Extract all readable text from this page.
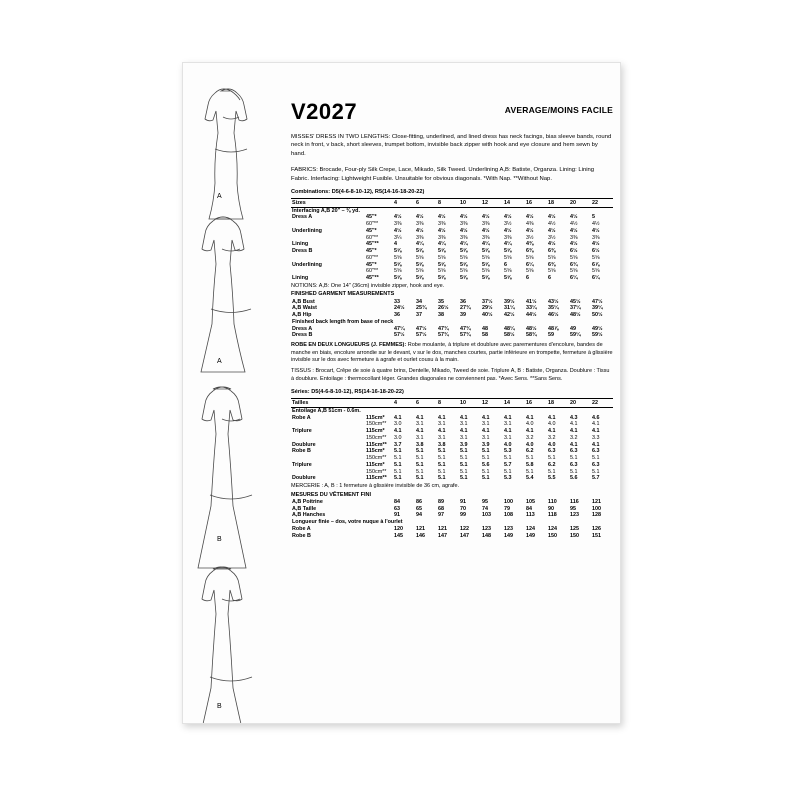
A
A
B
B
V2027	AVERAGE/MOINS FACILE
MISSES' DRESS IN TWO LENGTHS: Close-fitting, underlined, and lined dress has neck facings, bias sleeve bands, round neck in front, v back, short sleeves, trumpet bottom, invisible back zipper with hook and eye closure and hem sewn by hand.
FABRICS: Brocade, Four-ply Silk Crepe, Lace, Mikado, Silk Tweed. Underlining A,B: Batiste, Organza. Lining: Lining Fabric. Interfacing: Lightweight Fusible. Unsuitable for obvious diagonals. *With Nap. **Without Nap.
Combinations: D5(4-6-8-10-12), R5(14-16-18-20-22)
Sizes		4	6	8	10	12	14	16	18	20	22
Interfacing A,B 20" – ⅜ yd.											
Dress A	45"*	4½	4½	4½	4½	4½	4½	4½	4½	4½	5
	60"**	3⅜	3⅜	3⅜	3⅜	3⅜	3½	4⅜	4½	4½	4½
Underlining	45"*	4½	4½	4½	4½	4½	4½	4½	4½	4½	4½
	60"**	3¼	3⅜	3⅜	3⅜	3⅜	3⅜	3½	3½	3⅜	3⅜
Lining	45"**	4	4¼	4¼	4¼	4¼	4¼	4⅜	4½	4½	4½
Dress B	45"*	5⅝	5⅝	5⅝	5⅝	5⅝	5⅝	6⅜	6⅜	6½	6½
	60"**	5⅝	5⅝	5⅝	5⅝	5⅝	5⅝	5⅝	5⅝	5⅝	5⅝
Underlining	45"*	5⅝	5⅝	5⅝	5⅝	5⅝	6	6¼	6⅜	6¾	6⅞
	60"**	5⅝	5⅝	5⅝	5⅝	5⅝	5⅝	5⅝	5⅝	5⅝	5⅝
Lining	45"**	5⅝	5⅝	5⅝	5⅝	5⅝	5⅝	6	6	6¼	6¼
NOTIONS: A,B: One 14" (36cm) invisible zipper, hook and eye.
FINISHED GARMENT MEASUREMENTS
A,B Bust		33	34	35	36	37½	39½	41½	43½	45½	47½
A,B Waist		24½	25¾	26½	27¾	29½	31¼	33¼	35¼	37¼	39¼
A,B Hip		36	37	38	39	40½	42½	44½	46½	48½	50½
Finished back length from base of neck											
Dress A		47¼	47½	47¾	47¾	48	48¼	48½	48⅞	49	49½
Dress B		57½	57½	57¾	57¾	58	58½	58¾	59	59¼	59½
ROBE EN DEUX LONGUEURS (J. FEMMES): Robe moulante, à triplure et doublure avec parementures d'encolure, bandes de manche en biais, encolure arrondie sur le devant, v sur le dos, manches courtes, partie inférieure en trompette, fermeture à glissière invisible sur le dos avec fermeture à agrafe et ourlet cousu à la main.
TISSUS : Brocart, Crêpe de soie à quatre brins, Dentelle, Mikado, Tweed de soie. Triplure A, B : Batiste, Organza. Doublure : Tissu à doublure. Entoilage : thermocollant léger. Grandes diagonales ne conviennent pas. *Avec Sens. **Sans Sens.
Séries: D5(4-6-8-10-12), R5(14-16-18-20-22)
Tailles		4	6	8	10	12	14	16	18	20	22
Entoilage A,B 51cm - 0.6m.											
Robe A	115cm*	4.1	4.1	4.1	4.1	4.1	4.1	4.1	4.1	4.3	4.6
	150cm**	3.0	3.1	3.1	3.1	3.1	3.1	4.0	4.0	4.1	4.1
Triplure	115cm*	4.1	4.1	4.1	4.1	4.1	4.1	4.1	4.1	4.1	4.1
	150cm**	3.0	3.1	3.1	3.1	3.1	3.1	3.2	3.2	3.2	3.3
Doublure	115cm**	3.7	3.8	3.8	3.9	3.9	4.0	4.0	4.0	4.1	4.1
Robe B	115cm*	5.1	5.1	5.1	5.1	5.1	5.3	6.2	6.3	6.3	6.3
	150cm**	5.1	5.1	5.1	5.1	5.1	5.1	5.1	5.1	5.1	5.1
Triplure	115cm*	5.1	5.1	5.1	5.1	5.6	5.7	5.8	6.2	6.3	6.3
	150cm**	5.1	5.1	5.1	5.1	5.1	5.1	5.1	5.1	5.1	5.1
Doublure	115cm**	5.1	5.1	5.1	5.1	5.1	5.3	5.4	5.5	5.6	5.7
MERCERIE : A, B : 1 fermeture à glissière invisible de 36 cm, agrafe.
MESURES DU VÊTEMENT FINI
A,B Poitrine		84	86	89	91	95	100	105	110	116	121
A,B Taille		63	65	68	70	74	79	84	90	95	100
A,B Hanches		91	94	97	99	103	108	113	118	123	128
Longueur finie – dos, votre nuque à l'ourlet											
Robe A		120	121	121	122	123	123	124	124	125	126
Robe B		145	146	147	147	148	149	149	150	150	151
